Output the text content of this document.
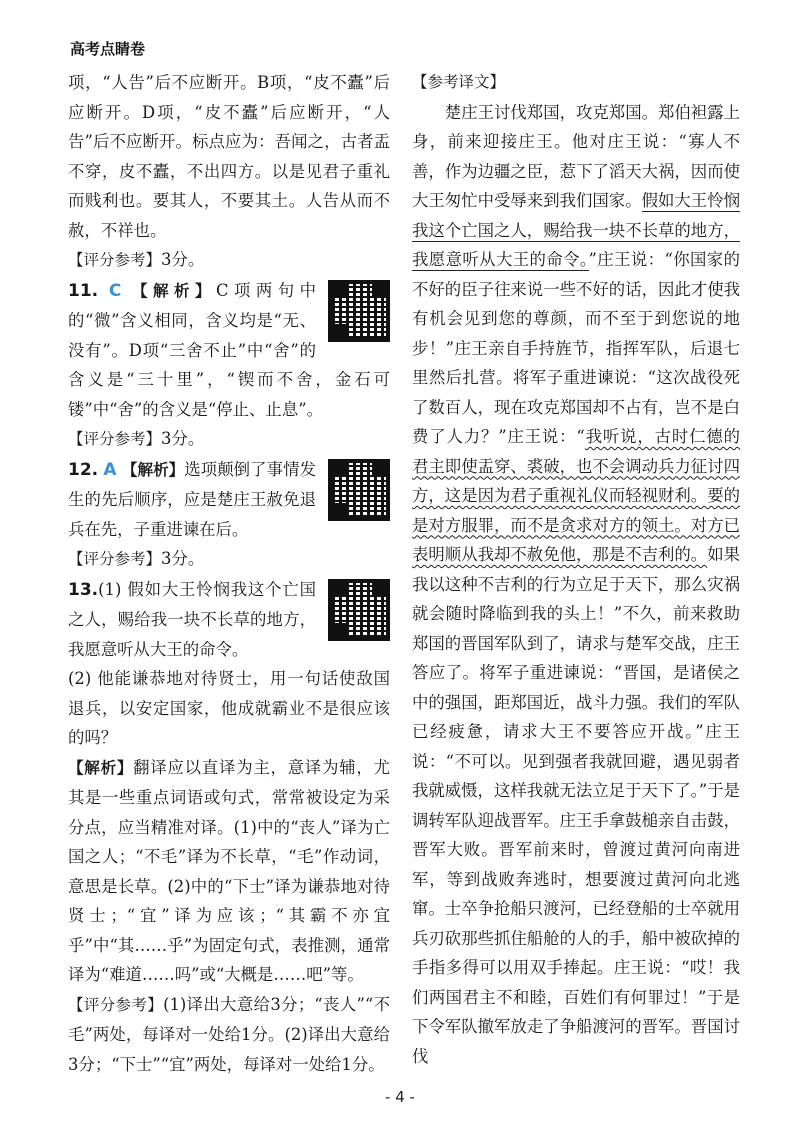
高考点睛卷

项，“人告”后不应断开。B项，“皮不蠹”后应断开。D项，“皮不蠹”后应断开，“人告”后不应断开。标点应为：吾闻之，古者盂不穿，皮不蠹，不出四方。以是见君子重礼而贱利也。要其人，不要其土。人告从而不赦，不祥也。

【评分参考】3分。

11. C 【解析】C项两句中的“微”含义相同，含义均是“无、没有”。D项“三舍不止”中“舍”的含义是“三十里”，“锲而不舍，金石可镂”中“舍”的含义是“停止、止息”。

【评分参考】3分。

12. A 【解析】选项颠倒了事情发生的先后顺序，应是楚庄王赦免退兵在先，子重进谏在后。

【评分参考】3分。

13.(1) 假如大王怜悯我这个亡国之人，赐给我一块不长草的地方，我愿意听从大王的命令。

(2) 他能谦恭地对待贤士，用一句话使敌国退兵，以安定国家，他成就霸业不是很应该的吗？

【解析】翻译应以直译为主，意译为辅，尤其是一些重点词语或句式，常常被设定为采分点，应当精准对译。(1)中的“丧人”译为亡国之人；“不毛”译为不长草，“毛”作动词，意思是长草。(2)中的“下士”译为谦恭地对待贤士；“宜”译为应该；“其霸不亦宜乎”中“其……乎”为固定句式，表推测，通常译为“难道……吗”或“大概是……吧”等。

【评分参考】(1)译出大意给3分；“丧人”“不毛”两处，每译对一处给1分。(2)译出大意给3分；“下士”“宜”两处，每译对一处给1分。

【参考译文】

楚庄王讨伐郑国，攻克郑国。郑伯袒露上身，前来迎接庄王。他对庄王说：“寡人不善，作为边疆之臣，惹下了滔天大祸，因而使大王匆忙中受辱来到我们国家。假如大王怜悯我这个亡国之人，赐给我一块不长草的地方，我愿意听从大王的命令。”庄王说：“你国家的不好的臣子往来说一些不好的话，因此才使我有机会见到您的尊颜，而不至于到您说的地步！”庄王亲自手持旌节，指挥军队，后退七里然后扎营。将军子重进谏说：“这次战役死了数百人，现在攻克郑国却不占有，岂不是白费了人力？”庄王说：“我听说，古时仁德的君主即使盂穿、裘破，也不会调动兵力征讨四方，这是因为君子重视礼仪而轻视财利。要的是对方服罪，而不是贪求对方的领土。对方已表明顺从我却不赦免他，那是不吉利的。如果我以这种不吉利的行为立足于天下，那么灾祸就会随时降临到我的头上！”不久，前来救助郑国的晋国军队到了，请求与楚军交战，庄王答应了。将军子重进谏说：“晋国，是诸侯之中的强国，距郑国近，战斗力强。我们的军队已经疲惫，请求大王不要答应开战。”庄王说：“不可以。见到强者我就回避，遇见弱者我就威慑，这样我就无法立足于天下了。”于是调转军队迎战晋军。庄王手拿鼓槌亲自击鼓，晋军大败。晋军前来时，曾渡过黄河向南进军，等到战败奔逃时，想要渡过黄河向北逃窜。士卒争抢船只渡河，已经登船的士卒就用兵刃砍那些抓住船舱的人的手，船中被砍掉的手指多得可以用双手捧起。庄王说：“哎！我们两国君主不和睦，百姓们有何罪过！”于是下令军队撤军放走了争船渡河的晋军。晋国讨伐

- 4 -
